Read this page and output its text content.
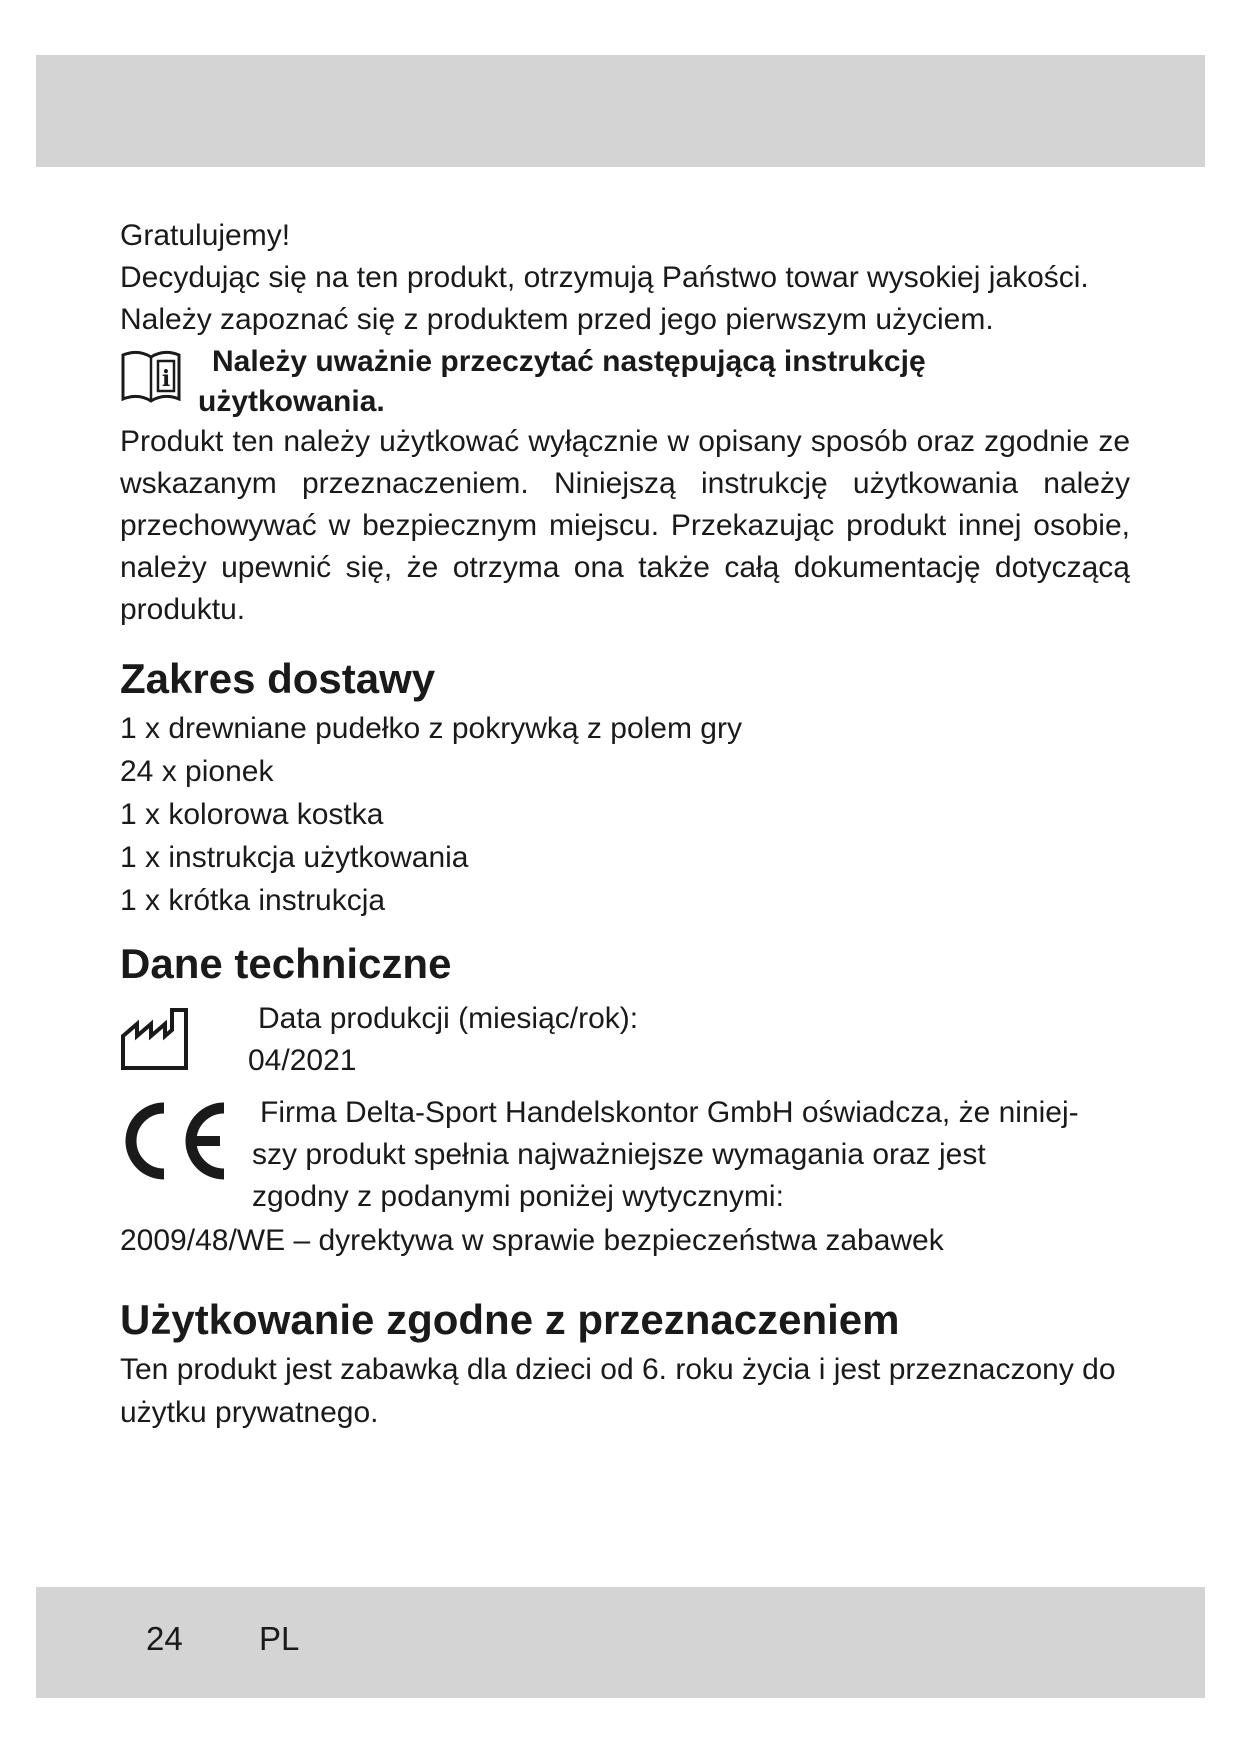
Gratulujemy!

Decydując się na ten produkt, otrzymują Państwo towar wysokiej jakości.

Należy zapoznać się z produktem przed jego pierwszym użyciem.

i
Należy uważnie przeczytać następującą instrukcję
użytkowania.

Produkt ten należy użytkować wyłącznie w opisany sposób oraz zgodnie ze wskazanym przeznaczeniem. Niniejszą instrukcję użytkowania należy przechowywać w bezpiecznym miejscu. Przekazując produkt innej osobie, należy upewnić się, że otrzyma ona także całą dokumentację dotyczącą produktu.

Zakres dostawy
1 x drewniane pudełko z pokrywką z polem gry
24 x pionek
1 x kolorowa kostka
1 x instrukcja użytkowania
1 x krótka instrukcja
Dane techniczne
Data produkcji (miesiąc/rok):
04/2021
Firma Delta-Sport Handelskontor GmbH oświadcza, że niniej-
szy produkt spełnia najważniejsze wymagania oraz jest
zgodny z podanymi poniżej wytycznymi:
2009/48/WE – dyrektywa w sprawie bezpieczeństwa zabawek
Użytkowanie zgodne z przeznaczeniem
Ten produkt jest zabawką dla dzieci od 6. roku życia i jest przeznaczony do użytku prywatnego.
24 PL
